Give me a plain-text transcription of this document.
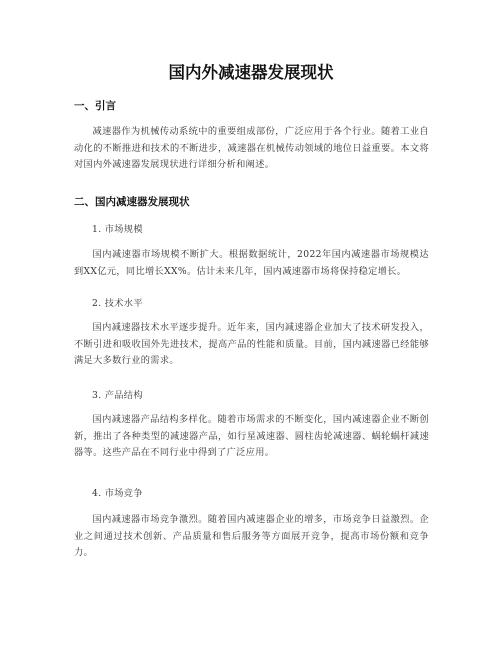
国内外减速器发展现状
一、引言

减速器作为机械传动系统中的重要组成部份，广泛应用于各个行业。随着工业自动化的不断推进和技术的不断进步，减速器在机械传动领域的地位日益重要。本文将对国内外减速器发展现状进行详细分析和阐述。

二、国内减速器发展现状

1. 市场规模

国内减速器市场规模不断扩大。根据数据统计，2022年国内减速器市场规模达到XX亿元，同比增长XX%。估计未来几年，国内减速器市场将保持稳定增长。

2. 技术水平

国内减速器技术水平逐步提升。近年来，国内减速器企业加大了技术研发投入，不断引进和吸收国外先进技术，提高产品的性能和质量。目前，国内减速器已经能够满足大多数行业的需求。

3. 产品结构

国内减速器产品结构多样化。随着市场需求的不断变化，国内减速器企业不断创新，推出了各种类型的减速器产品，如行星减速器、圆柱齿轮减速器、蜗轮蜗杆减速器等。这些产品在不同行业中得到了广泛应用。

4. 市场竞争

国内减速器市场竞争激烈。随着国内减速器企业的增多，市场竞争日益激烈。企业之间通过技术创新、产品质量和售后服务等方面展开竞争，提高市场份额和竞争力。
